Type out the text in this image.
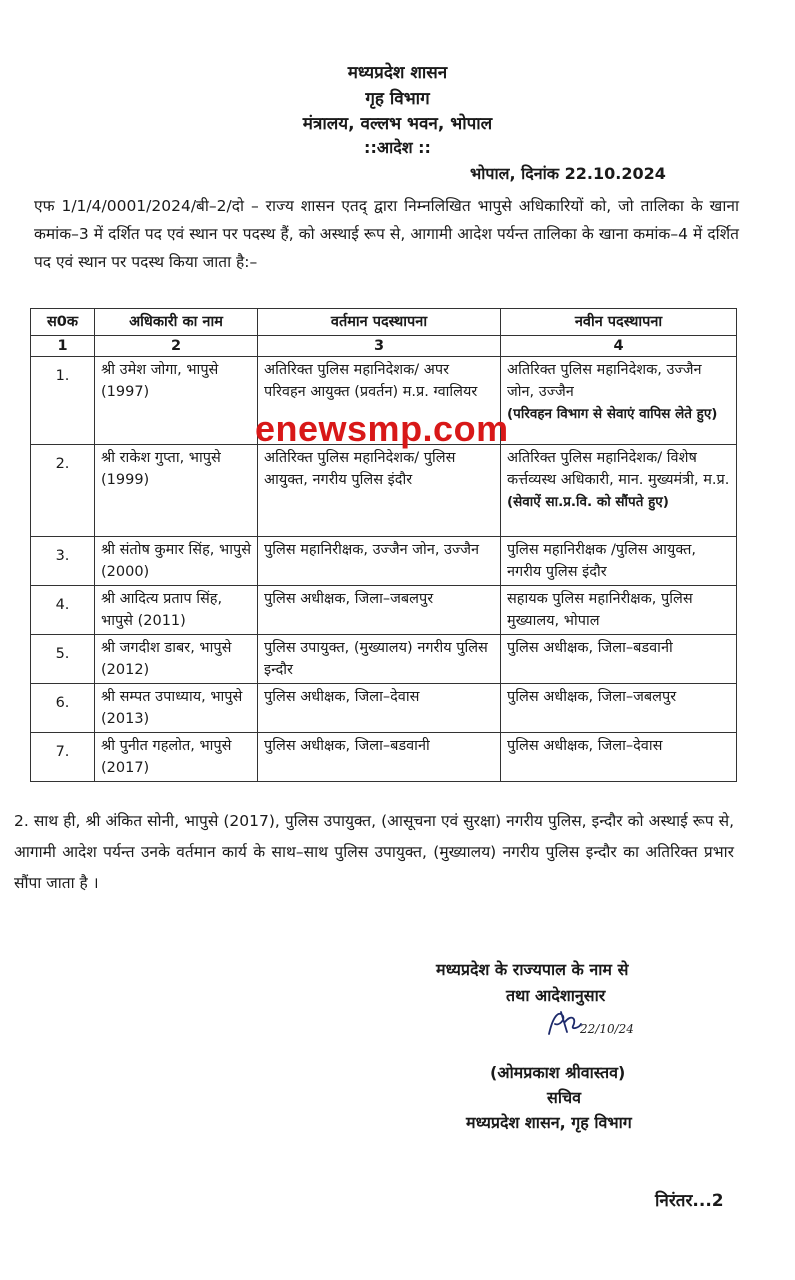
मध्यप्रदेश शासन
गृह विभाग
मंत्रालय, वल्लभ भवन, भोपाल
::आदेश ::
भोपाल, दिनांक 22.10.2024
एफ 1/1/4/0001/2024/बी–2/दो – राज्य शासन एतद् द्वारा निम्नलिखित भापुसे अधिकारियों को, जो तालिका के खाना कमांक–3 में दर्शित पद एवं स्थान पर पदस्थ हैं, को अस्थाई रूप से, आगामी आदेश पर्यन्त तालिका के खाना कमांक–4 में दर्शित पद एवं स्थान पर पदस्थ किया जाता है:–
स0क	अधिकारी का नाम	वर्तमान पदस्थापना	नवीन पदस्थापना
1	2	3	4
1.	श्री उमेश जोगा, भापुसे (1997)	अतिरिक्त पुलिस महानिदेशक/ अपर परिवहन आयुक्त (प्रवर्तन) म.प्र. ग्वालियर	अतिरिक्त पुलिस महानिदेशक, उज्जैन जोन, उज्जैन
(परिवहन विभाग से सेवाएं वापिस लेते हुए)

2.	श्री राकेश गुप्ता, भापुसे (1999)	अतिरिक्त पुलिस महानिदेशक/ पुलिस आयुक्त, नगरीय पुलिस इंदौर	अतिरिक्त पुलिस महानिदेशक/ विशेष कर्त्तव्यस्थ अधिकारी, मान. मुख्यमंत्री, म.प्र.
(सेवाऐं सा.प्र.वि. को सौंपते हुए)

3.	श्री संतोष कुमार सिंह, भापुसे (2000)	पुलिस महानिरीक्षक, उज्जैन जोन, उज्जैन	पुलिस महानिरीक्षक /पुलिस आयुक्त, नगरीय पुलिस इंदौर
4.	श्री आदित्य प्रताप सिंह, भापुसे (2011)	पुलिस अधीक्षक, जिला–जबलपुर	सहायक पुलिस महानिरीक्षक, पुलिस मुख्यालय, भोपाल
5.	श्री जगदीश डाबर, भापुसे (2012)	पुलिस उपायुक्त, (मुख्यालय) नगरीय पुलिस इन्दौर	पुलिस अधीक्षक, जिला–बडवानी
6.	श्री सम्पत उपाध्याय, भापुसे (2013)	पुलिस अधीक्षक, जिला–देवास	पुलिस अधीक्षक, जिला–जबलपुर
7.	श्री पुनीत गहलोत, भापुसे (2017)	पुलिस अधीक्षक, जिला–बडवानी	पुलिस अधीक्षक, जिला–देवास
enewsmp.com
2. साथ ही, श्री अंकित सोनी, भापुसे (2017), पुलिस उपायुक्त, (आसूचना एवं सुरक्षा) नगरीय पुलिस, इन्दौर को अस्थाई रूप से, आगामी आदेश पर्यन्त उनके वर्तमान कार्य के साथ–साथ पुलिस उपायुक्त, (मुख्यालय) नगरीय पुलिस इन्दौर का अतिरिक्त प्रभार सौंपा जाता है ।
मध्यप्रदेश के राज्यपाल के नाम से
तथा आदेशानुसार
22/10/24
(ओमप्रकाश श्रीवास्तव)
सचिव
मध्यप्रदेश शासन, गृह विभाग
निरंतर...2
